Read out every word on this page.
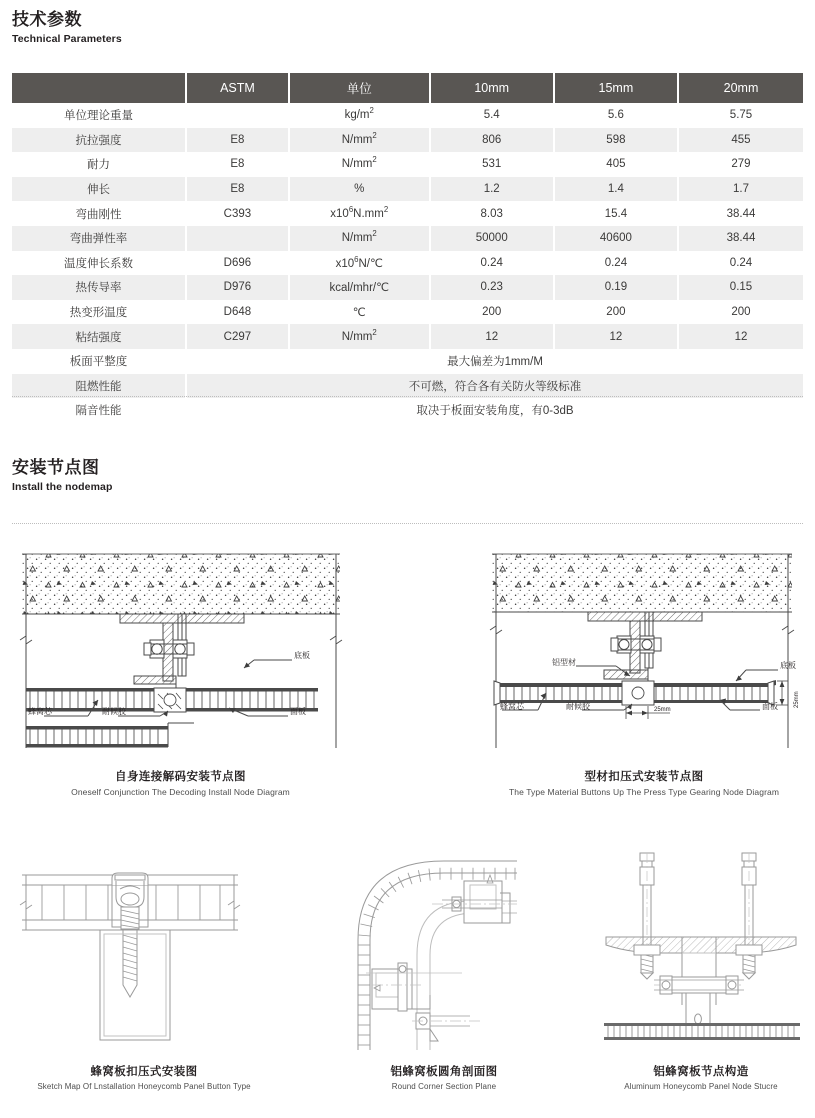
技术参数
Technical Parameters
	ASTM	单位	10mm	15mm	20mm
单位理论重量		$kg/m^2$	5.4	5.6	5.75
抗拉强度	E8	$N/mm^2$	806	598	455
耐力	E8	$N/mm^2$	531	405	279
伸长	E8	%	1.2	1.4	1.7
弯曲刚性	C393	$x10^6N.mm^2$	8.03	15.4	38.44
弯曲弹性率		$N/mm^2$	50000	40600	38.44
温度伸长系数	D696	$x10^6N/℃$	0.24	0.24	0.24
热传导率	D976	kcal/mhr/℃	0.23	0.19	0.15
热变形温度	D648	℃	200	200	200
粘结强度	C297	$N/mm^2$	12	12	12
板面平整度	最大偏差为1mm/M				
阻燃性能	不可燃，符合各有关防火等级标准				
隔音性能	取决于板面安装角度，有0-3dB				
安装节点图
Install the nodemap
底板
蜂窝芯	耐候胶	面板
自身连接解码安装节点图
Oneself Conjunction The Decoding Install Node Diagram
铝型材	底板
蜂窝芯	耐候胶	面板
25mm
25mm
型材扣压式安装节点图
The Type Material Buttons Up The Press Type Gearing Node Diagram
蜂窝板扣压式安装图
Sketch Map Of Lnstallation Honeycomb Panel Button Type
铝蜂窝板圆角剖面图
Round Corner Section Plane
铝蜂窝板节点构造
Aluminum Honeycomb Panel Node Stucre
